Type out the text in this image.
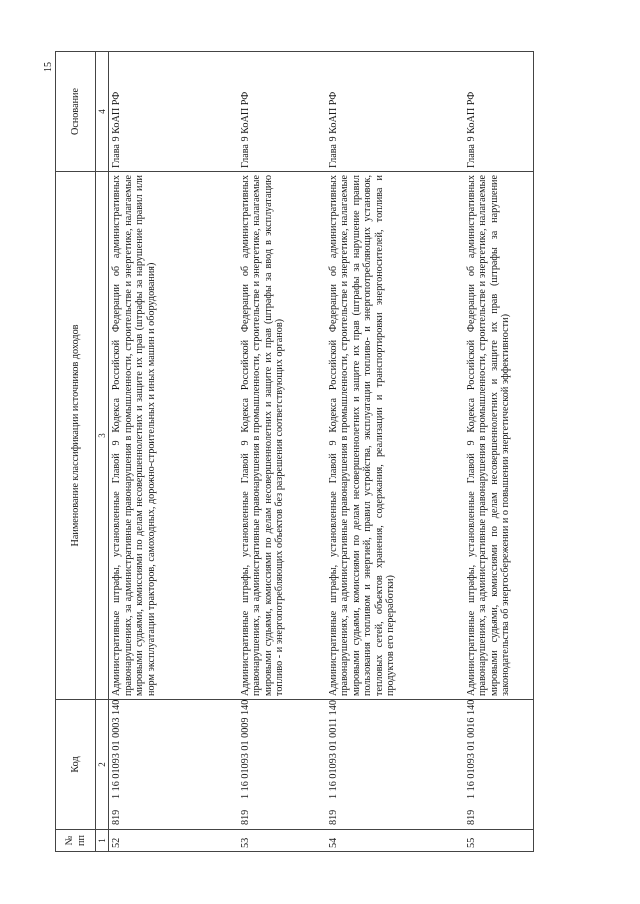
15
№ пп	Код	Наименование классификации источников доходов	Основание
1	2	3	4
52	8191 16 01093 01 0003 140	Административные штрафы, установленные Главой 9 Кодекса Российской Федерации об административных правонарушениях, за административные правонарушения в промышленности, строительстве и энергетике, налагаемые мировыми судьями, комиссиями по делам несовершеннолетних и защите их прав (штрафы за нарушение правил или норм эксплуатации тракторов, самоходных, дорожно-строительных и иных машин и оборудования)	Глава 9 КоАП РФ
53	8191 16 01093 01 0009 140	Административные штрафы, установленные Главой 9 Кодекса Российской Федерации об административных правонарушениях, за административные правонарушения в промышленности, строительстве и энергетике, налагаемые мировыми судьями, комиссиями по делам несовершеннолетних и защите их прав (штрафы за ввод в эксплуатацию топливо - и энергопотребляющих объектов без разрешения соответствующих органов)	Глава 9 КоАП РФ
54	8191 16 01093 01 0011 140	Административные штрафы, установленные Главой 9 Кодекса Российской Федерации об административных правонарушениях, за административные правонарушения в промышленности, строительстве и энергетике, налагаемые мировыми судьями, комиссиями по делам несовершеннолетних и защите их прав (штрафы за нарушение правил пользования топливом и энергией, правил устройства, эксплуатации топливо- и энергопотребляющих установок, тепловых сетей, объектов хранения, содержания, реализации и транспортировки энергоносителей, топлива и продуктов его переработки)	Глава 9 КоАП РФ
55	8191 16 01093 01 0016 140	Административные штрафы, установленные Главой 9 Кодекса Российской Федерации об административных правонарушениях, за административные правонарушения в промышленности, строительстве и энергетике, налагаемые мировыми судьями, комиссиями по делам несовершеннолетних и защите их прав (штрафы за нарушение законодательства об энергосбережении и о повышении энергетической эффективности)	Глава 9 КоАП РФ
